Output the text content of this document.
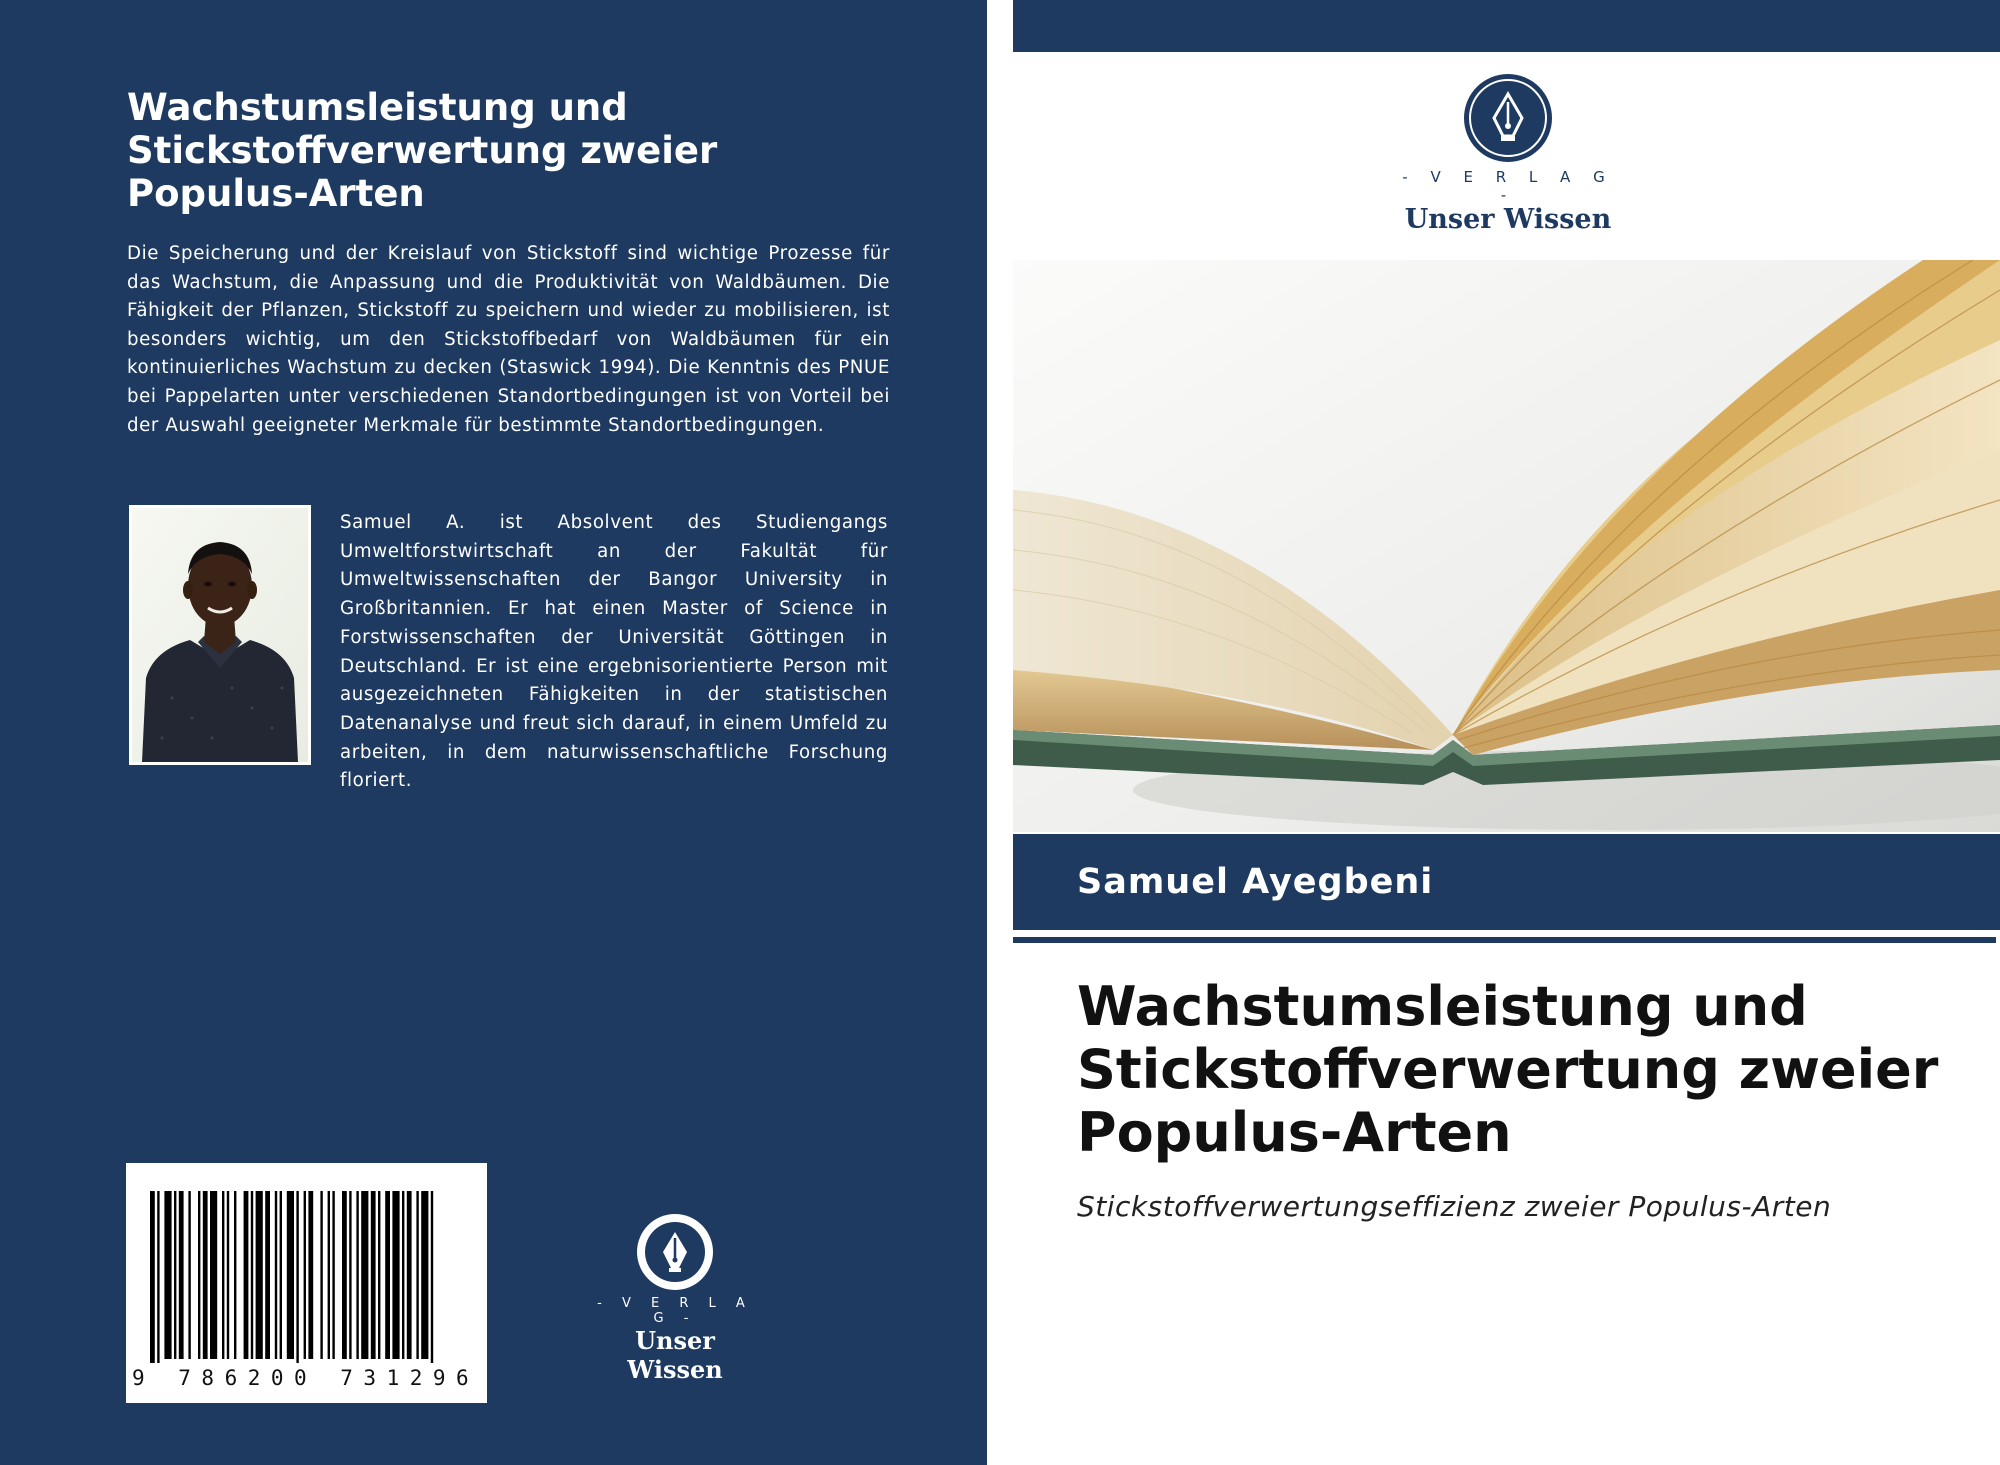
Wachstumsleistung und Stickstoffverwertung zweier Populus-Arten

Die Speicherung und der Kreislauf von Stickstoff sind wichtige Prozesse für das Wachstum, die Anpassung und die Produktivität von Waldbäumen. Die Fähigkeit der Pflanzen, Stickstoff zu speichern und wieder zu mobilisieren, ist besonders wichtig, um den Stickstoffbedarf von Waldbäumen für ein kontinuierliches Wachstum zu decken (Staswick 1994). Die Kenntnis des PNUE bei Pappelarten unter verschiedenen Standortbedingungen ist von Vorteil bei der Auswahl geeigneter Merkmale für bestimmte Standortbedingungen.

Samuel A. ist Absolvent des Studiengangs Umweltforstwirtschaft an der Fakultät für Umweltwissenschaften der Bangor University in Großbritannien. Er hat einen Master of Science in Forstwissenschaften der Universität Göttingen in Deutschland. Er ist eine ergebnisorientierte Person mit ausgezeichneten Fähigkeiten in der statistischen Datenanalyse und freut sich darauf, in einem Umfeld zu arbeiten, in dem naturwissenschaftliche Forschung floriert.

9 786200 731296
- V E R L A G -
Unser Wissen
- V E R L A G -
Unser Wissen

Samuel Ayegbeni

Wachstumsleistung und Stickstoffverwertung zweier Populus-Arten

Stickstoffverwertungseffizienz zweier Populus-Arten
